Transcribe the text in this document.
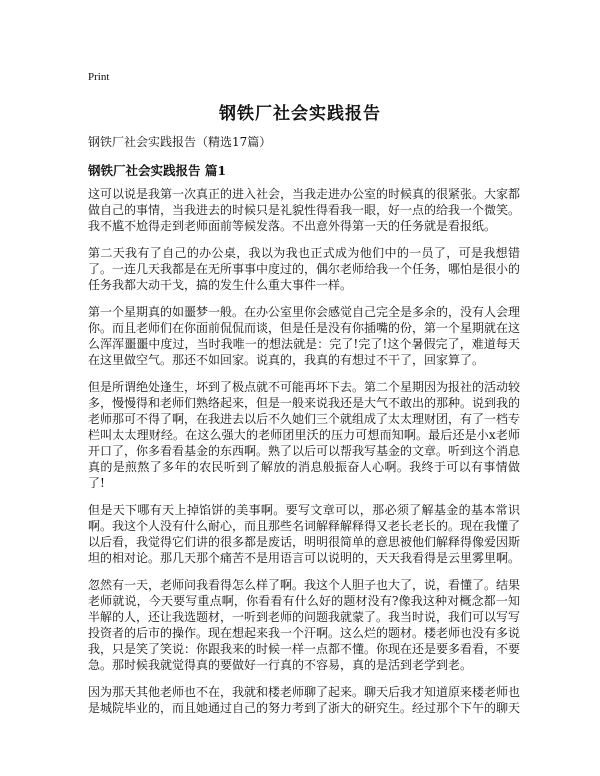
Print
钢铁厂社会实践报告

钢铁厂社会实践报告（精选17篇）

钢铁厂社会实践报告 篇1

这可以说是我第一次真正的进入社会，当我走进办公室的时候真的很紧张。大家都做自己的事情，当我进去的时候只是礼貌性得看我一眼，好一点的给我一个微笑。我不尴不尬得走到老师面前等候发落。不出意外得第一天的任务就是看报纸。

第二天我有了自己的办公桌，我以为我也正式成为他们中的一员了，可是我想错了。一连几天我都是在无所事事中度过的，偶尔老师给我一个任务，哪怕是很小的任务我都大动干戈，搞的发生什么重大事件一样。

第一个星期真的如噩梦一般。在办公室里你会感觉自己完全是多余的，没有人会理你。而且老师们在你面前侃侃而谈，但是任是没有你插嘴的份，第一个星期就在这么浑浑噩噩中度过，当时我唯一的想法就是：完了!完了!这个暑假完了，难道每天在这里做空气。那还不如回家。说真的，我真的有想过不干了，回家算了。

但是所谓绝处逢生，坏到了极点就不可能再坏下去。第二个星期因为报社的活动较多，慢慢得和老师们熟络起来，但是一般来说我还是大气不敢出的那种。说到我的老师那可不得了啊，在我进去以后不久她们三个就组成了太太理财团，有了一档专栏叫太太理财经。在这么强大的老师团里沃的压力可想而知啊。最后还是小x老师开口了，你多看看基金的东西啊。熟了以后可以帮我写基金的文章。听到这个消息真的是煎熬了多年的农民听到了解放的消息般振奋人心啊。我终于可以有事情做了!

但是天下哪有天上掉馅饼的美事啊。要写文章可以，那必须了解基金的基本常识啊。我这个人没有什么耐心，而且那些名词解释解释得又老长老长的。现在我懂了以后看，我觉得它们讲的很多都是废话，明明很简单的意思被他们解释得像爱因斯坦的相对论。那几天那个痛苦不是用语言可以说明的，天天我看得是云里雾里啊。

忽然有一天，老师问我看得怎么样了啊。我这个人胆子也大了，说，看懂了。结果老师就说，今天要写重点啊，你看看有什么好的题材没有?像我这种对概念都一知半解的人，还让我选题材，一听到老师的问题我就蒙了。我当时说，我们可以写写投资者的后市的操作。现在想起来我一个汗啊。这么烂的题材。楼老师也没有多说我，只是笑了笑说：你跟我来的时候一样一点都不懂。你现在还是要多看看，不要急。那时候我就觉得真的要做好一行真的不容易，真的是活到老学到老。

因为那天其他老师也不在，我就和楼老师聊了起来。聊天后我才知道原来楼老师也是城院毕业的，而且她通过自己的努力考到了浙大的研究生。经过那个下午的聊天
